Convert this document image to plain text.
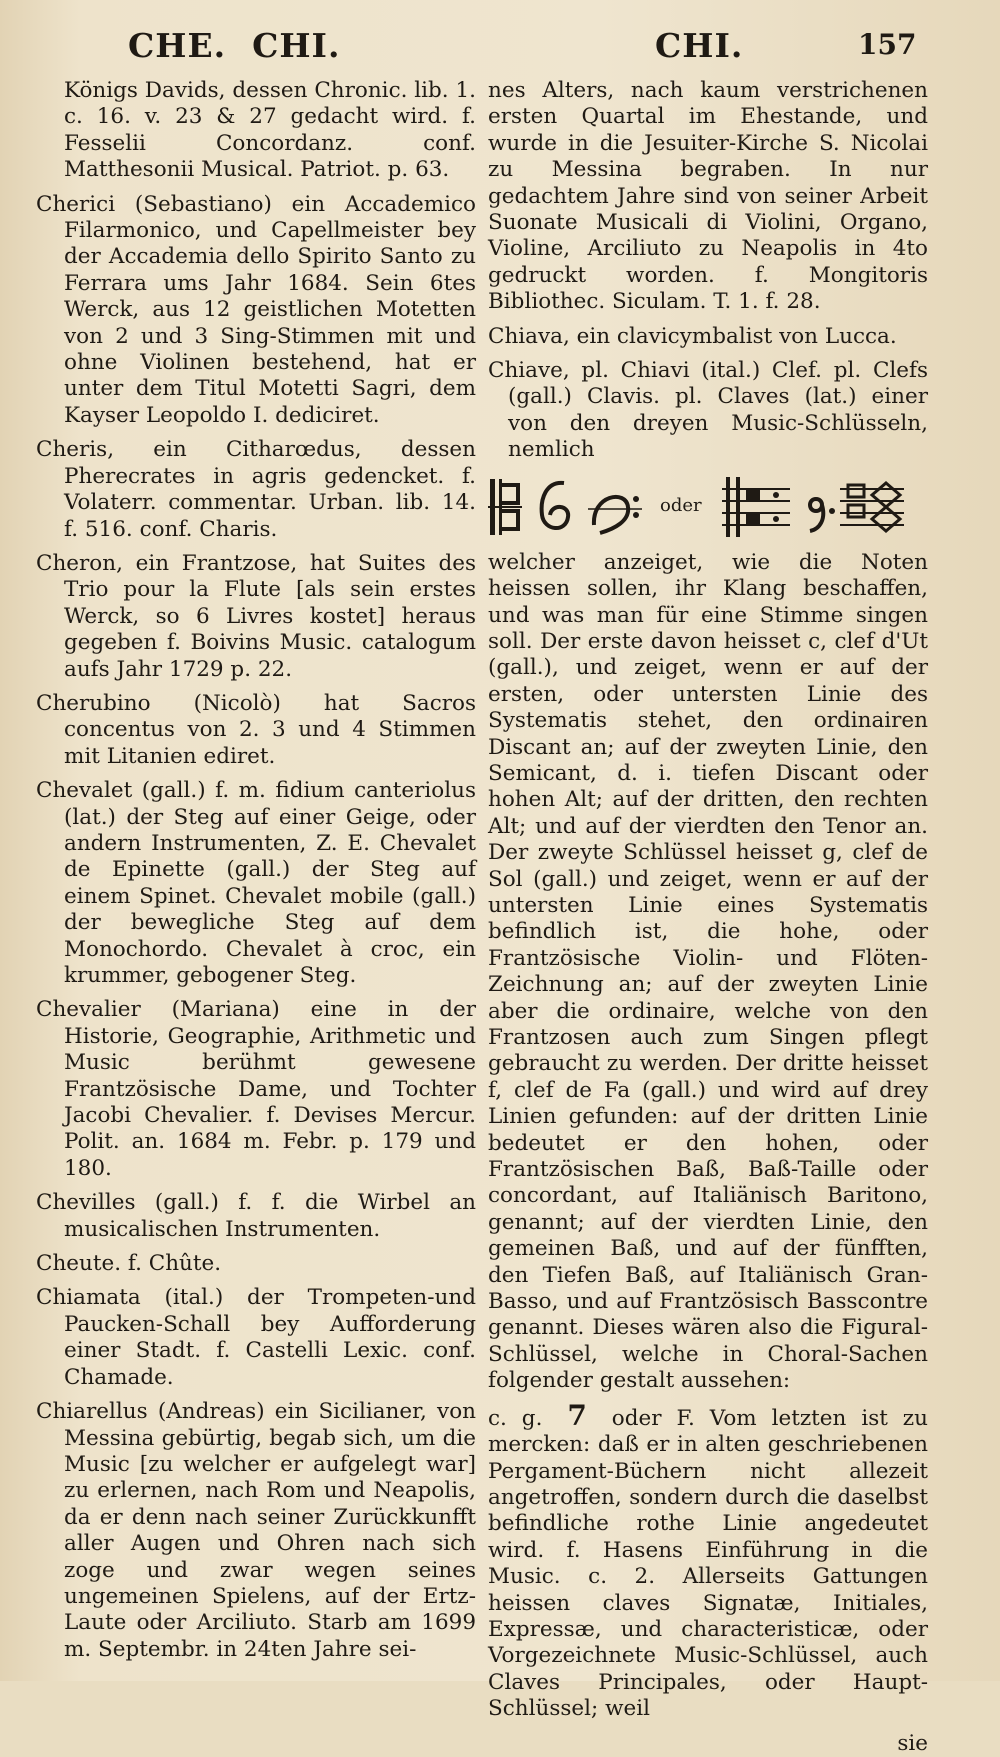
CHE. CHI.	CHI.	157

Königs Davids, dessen Chronic. lib. 1. c. 16. v. 23 & 27 gedacht wird. f. Fesselii Concordanz. conf. Matthesonii Musical. Patriot. p. 63.

Cherici (Sebastiano) ein Accademico Filarmonico, und Capellmeister bey der Accademia dello Spirito Santo zu Ferrara ums Jahr 1684. Sein 6tes Werck, aus 12 geistlichen Motetten von 2 und 3 Sing-Stimmen mit und ohne Violinen bestehend, hat er unter dem Titul Motetti Sagri, dem Kayser Leopoldo I. dediciret.

Cheris, ein Citharœdus, dessen Pherecrates in agris gedencket. f. Volaterr. commentar. Urban. lib. 14. f. 516. conf. Charis.

Cheron, ein Frantzose, hat Suites des Trio pour la Flute [als sein erstes Werck, so 6 Livres kostet] heraus gegeben f. Boivins Music. catalogum aufs Jahr 1729 p. 22.

Cherubino (Nicolò) hat Sacros concentus von 2. 3 und 4 Stimmen mit Litanien ediret.

Chevalet (gall.) f. m. fidium canteriolus (lat.) der Steg auf einer Geige, oder andern Instrumenten, Z. E. Chevalet de Epinette (gall.) der Steg auf einem Spinet. Chevalet mobile (gall.) der bewegliche Steg auf dem Monochordo. Chevalet à croc, ein krummer, gebogener Steg.

Chevalier (Mariana) eine in der Historie, Geographie, Arithmetic und Music berühmt gewesene Frantzösische Dame, und Tochter Jacobi Chevalier. f. Devises Mercur. Polit. an. 1684 m. Febr. p. 179 und 180.

Chevilles (gall.) f. f. die Wirbel an musicalischen Instrumenten.

Cheute. f. Chûte.

Chiamata (ital.) der Trompeten-und Paucken-Schall bey Aufforderung einer Stadt. f. Castelli Lexic. conf. Chamade.

Chiarellus (Andreas) ein Sicilianer, von Messina gebürtig, begab sich, um die Music [zu welcher er aufgelegt war] zu erlernen, nach Rom und Neapolis, da er denn nach seiner Zurückkunfft aller Augen und Ohren nach sich zoge und zwar wegen seines ungemeinen Spielens, auf der Ertz-Laute oder Arciliuto. Starb am 1699 m. Septembr. in 24ten Jahre sei-

nes Alters, nach kaum verstrichenen ersten Quartal im Ehestande, und wurde in die Jesuiter-Kirche S. Nicolai zu Messina begraben. In nur gedachtem Jahre sind von seiner Arbeit Suonate Musicali di Violini, Organo, Violine, Arciliuto zu Neapolis in 4to gedruckt worden. f. Mongitoris Bibliothec. Siculam. T. 1. f. 28.

Chiava, ein clavicymbalist von Lucca.

Chiave, pl. Chiavi (ital.) Clef. pl. Clefs (gall.) Clavis. pl. Claves (lat.) einer von den dreyen Music-Schlüsseln, nemlich

oder

welcher anzeiget, wie die Noten heissen sollen, ihr Klang beschaffen, und was man für eine Stimme singen soll. Der erste davon heisset c, clef d'Ut (gall.), und zeiget, wenn er auf der ersten, oder untersten Linie des Systematis stehet, den ordinairen Discant an; auf der zweyten Linie, den Semicant, d. i. tiefen Discant oder hohen Alt; auf der dritten, den rechten Alt; und auf der vierdten den Tenor an. Der zweyte Schlüssel heisset g, clef de Sol (gall.) und zeiget, wenn er auf der untersten Linie eines Systematis befindlich ist, die hohe, oder Frantzösische Violin- und Flöten-Zeichnung an; auf der zweyten Linie aber die ordinaire, welche von den Frantzosen auch zum Singen pflegt gebraucht zu werden. Der dritte heisset f, clef de Fa (gall.) und wird auf drey Linien gefunden: auf der dritten Linie bedeutet er den hohen, oder Frantzösischen Baß, Baß-Taille oder concordant, auf Italiänisch Baritono, genannt; auf der vierdten Linie, den gemeinen Baß, und auf der fünfften, den Tiefen Baß, auf Italiänisch Gran-Basso, und auf Frantzösisch Basscontre genannt. Dieses wären also die Figural-Schlüssel, welche in Choral-Sachen folgender gestalt aussehen:

c. g. 7 oder F. Vom letzten ist zu mercken: daß er in alten geschriebenen Pergament-Büchern nicht allezeit angetroffen, sondern durch die daselbst befindliche rothe Linie angedeutet wird. f. Hasens Einführung in die Music. c. 2. Allerseits Gattungen heissen claves Signatæ, Initiales, Expressæ, und characteristicæ, oder Vorgezeichnete Music-Schlüssel, auch Claves Principales, oder Haupt-Schlüssel; weil

sie
